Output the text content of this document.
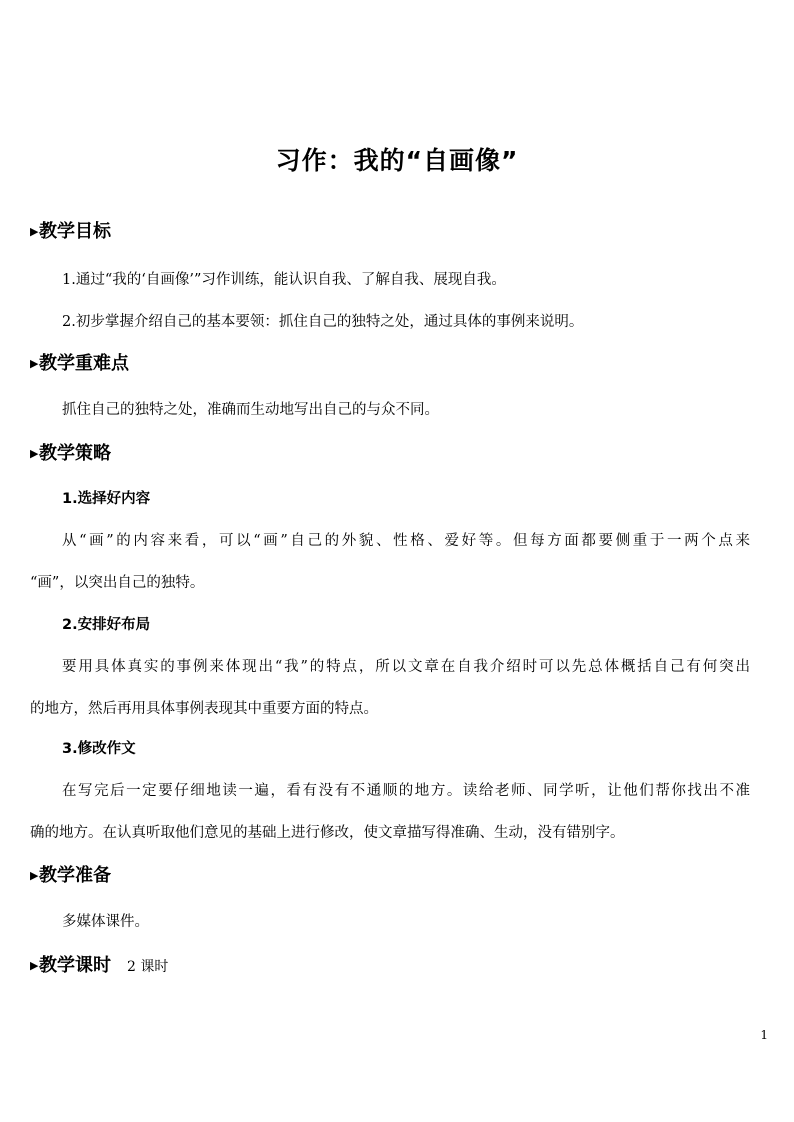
习作：我的“自画像”
▶教学目标
1.通过“我的‘自画像’”习作训练，能认识自我、了解自我、展现自我。
2.初步掌握介绍自己的基本要领：抓住自己的独特之处，通过具体的事例来说明。
▶教学重难点
抓住自己的独特之处，准确而生动地写出自己的与众不同。
▶教学策略
1.选择好内容
从“画”的内容来看，可以“画”自己的外貌、性格、爱好等。但每方面都要侧重于一两个点来
“画”，以突出自己的独特。
2.安排好布局
要用具体真实的事例来体现出“我”的特点，所以文章在自我介绍时可以先总体概括自己有何突出
的地方，然后再用具体事例表现其中重要方面的特点。
3.修改作文
在写完后一定要仔细地读一遍，看有没有不通顺的地方。读给老师、同学听，让他们帮你找出不准
确的地方。在认真听取他们意见的基础上进行修改，使文章描写得准确、生动，没有错别字。
▶教学准备
多媒体课件。
▶教学课时 2 课时
1
